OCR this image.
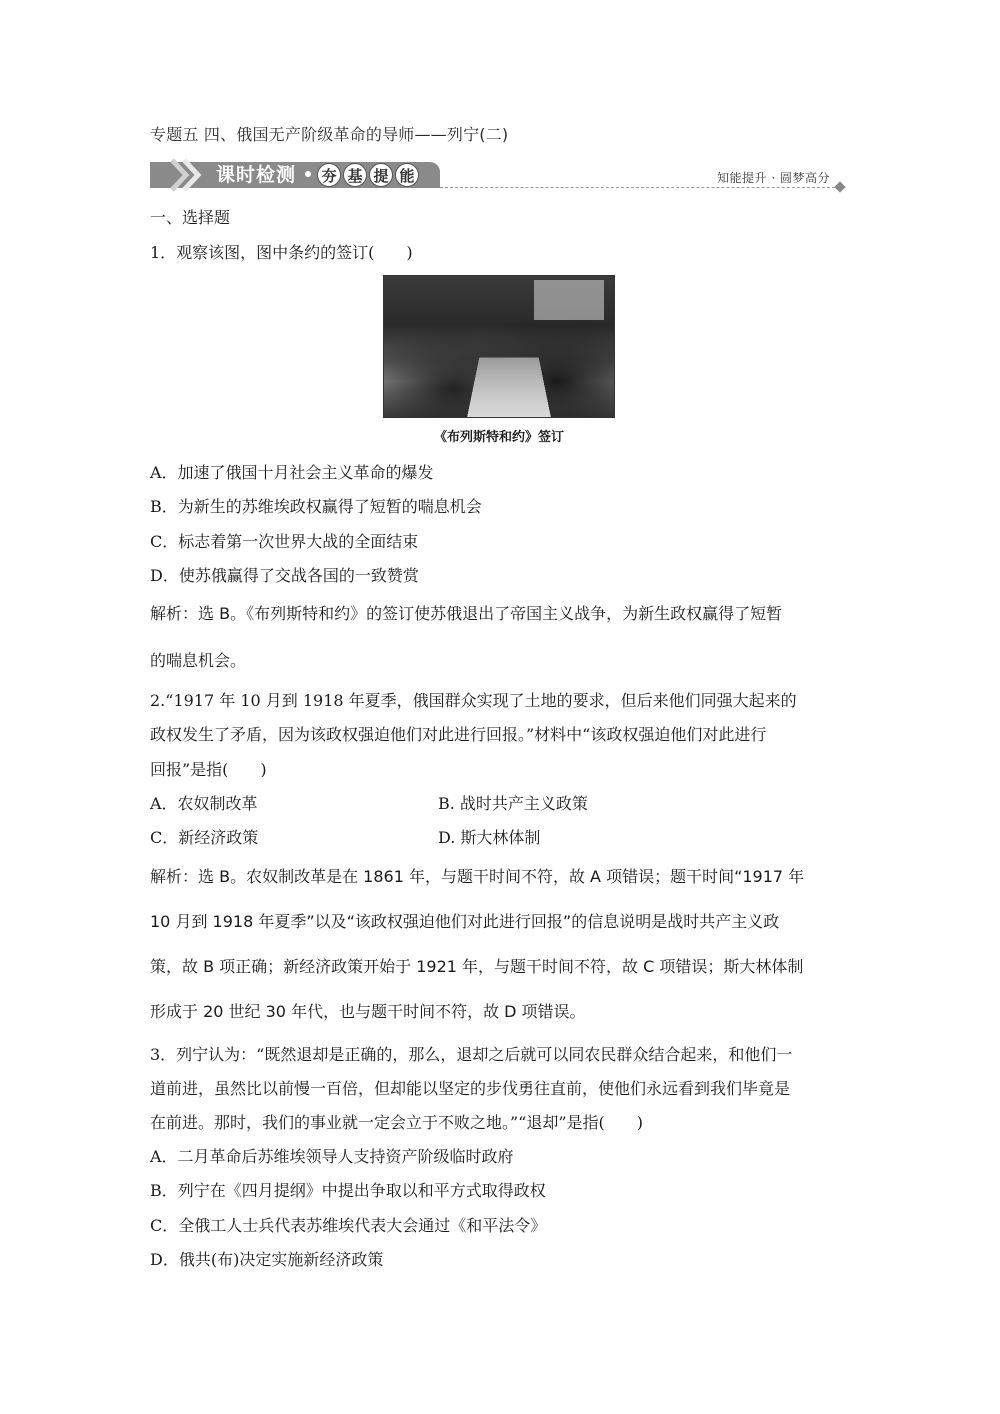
专题五 四、俄国无产阶级革命的导师——列宁(二)
课时检测 夯 基 提 能	知能提升 · 圆梦高分
一、选择题
1．观察该图，图中条约的签订(　　)
《布列斯特和约》签订
A．加速了俄国十月社会主义革命的爆发
B．为新生的苏维埃政权赢得了短暂的喘息机会
C．标志着第一次世界大战的全面结束
D．使苏俄赢得了交战各国的一致赞赏
解析：选 B。《布列斯特和约》的签订使苏俄退出了帝国主义战争，为新生政权赢得了短暂
的喘息机会。
2.“1917 年 10 月到 1918 年夏季，俄国群众实现了土地的要求，但后来他们同强大起来的
政权发生了矛盾，因为该政权强迫他们对此进行回报。”材料中“该政权强迫他们对此进行
回报”是指(　　)
A．农奴制改革	B. 战时共产主义政策
C．新经济政策	D. 斯大林体制
解析：选 B。农奴制改革是在 1861 年，与题干时间不符，故 A 项错误；题干时间“1917 年
10 月到 1918 年夏季”以及“该政权强迫他们对此进行回报”的信息说明是战时共产主义政
策，故 B 项正确；新经济政策开始于 1921 年，与题干时间不符，故 C 项错误；斯大林体制
形成于 20 世纪 30 年代，也与题干时间不符，故 D 项错误。
3．列宁认为：“既然退却是正确的，那么，退却之后就可以同农民群众结合起来，和他们一
道前进，虽然比以前慢一百倍，但却能以坚定的步伐勇往直前，使他们永远看到我们毕竟是
在前进。那时，我们的事业就一定会立于不败之地。”“退却”是指(　　)
A．二月革命后苏维埃领导人支持资产阶级临时政府
B．列宁在《四月提纲》中提出争取以和平方式取得政权
C．全俄工人士兵代表苏维埃代表大会通过《和平法令》
D．俄共(布)决定实施新经济政策
